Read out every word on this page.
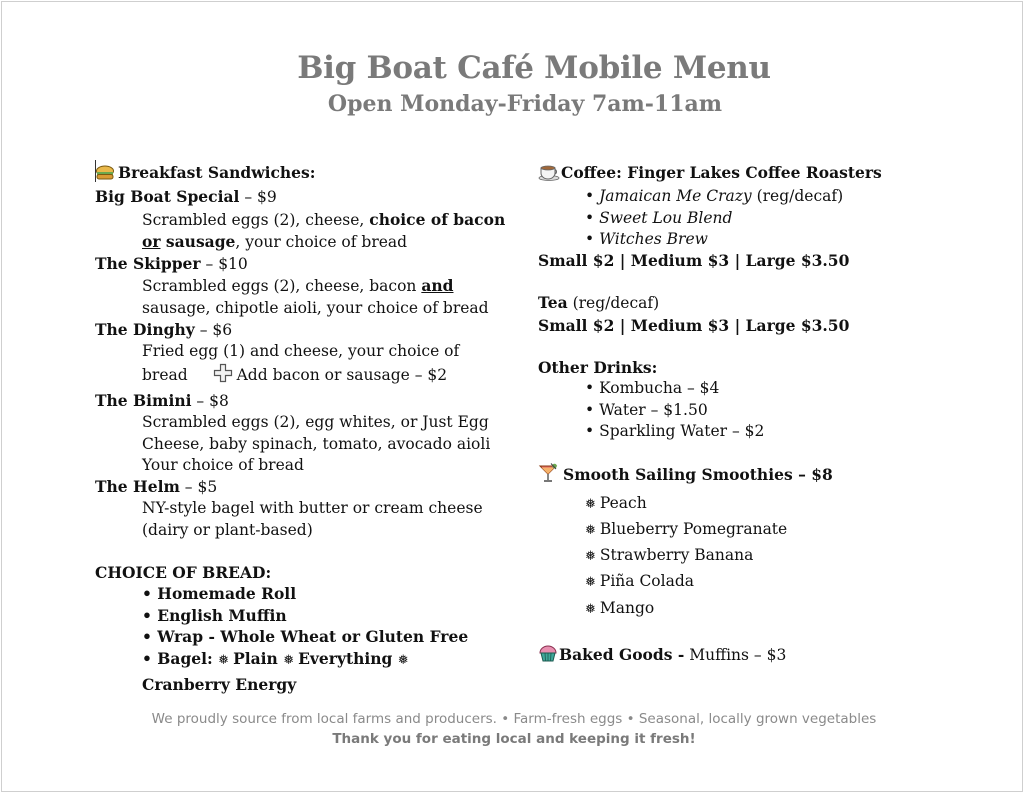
Big Boat Café Mobile Menu
Open Monday-Friday 7am-11am
Breakfast Sandwiches:
Big Boat Special – $9
Scrambled eggs (2), cheese, choice of bacon
or sausage, your choice of bread
The Skipper – $10
Scrambled eggs (2), cheese, bacon and
sausage, chipotle aioli, your choice of bread
The Dinghy – $6
Fried egg (1) and cheese, your choice of
bread	Add bacon or sausage – $2
The Bimini – $8
Scrambled eggs (2), egg whites, or Just Egg
Cheese, baby spinach, tomato, avocado aioli
Your choice of bread
The Helm – $5
NY-style bagel with butter or cream cheese
(dairy or plant-based)
CHOICE OF BREAD:
• Homemade Roll
• English Muffin
• Wrap - Whole Wheat or Gluten Free
• Bagel: ❅ Plain ❅ Everything ❅
Cranberry Energy
Coffee: Finger Lakes Coffee Roasters
• Jamaican Me Crazy (reg/decaf)
• Sweet Lou Blend
• Witches Brew
Small $2 | Medium $3 | Large $3.50
Tea (reg/decaf)
Small $2 | Medium $3 | Large $3.50
Other Drinks:
• Kombucha – $4
• Water – $1.50
• Sparkling Water – $2
Smooth Sailing Smoothies – $8
❅ Peach
❅ Blueberry Pomegranate
❅ Strawberry Banana
❅ Piña Colada
❅ Mango
Baked Goods - Muffins – $3
We proudly source from local farms and producers. • Farm-fresh eggs • Seasonal, locally grown vegetables
Thank you for eating local and keeping it fresh!
